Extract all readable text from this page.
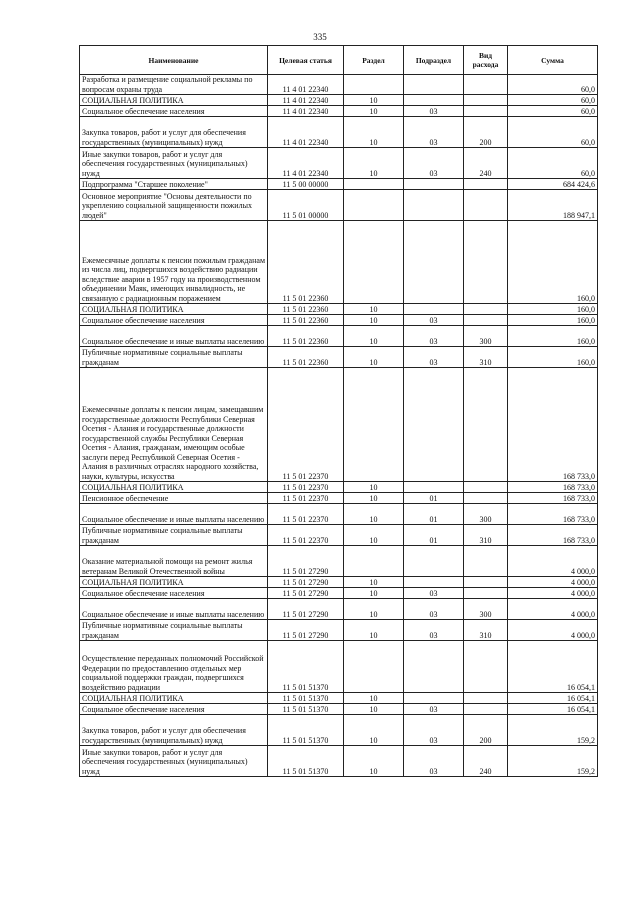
335
Наименование	Целевая статья	Раздел	Подраздел	Вид расхода	Сумма
Разработка и размещение социальной рекламы по вопросам охраны труда	11 4 01 22340				60,0
СОЦИАЛЬНАЯ ПОЛИТИКА	11 4 01 22340	10			60,0
Социальное обеспечение населения	11 4 01 22340	10	03		60,0
Закупка товаров, работ и услуг для обеспечения государственных (муниципальных) нужд	11 4 01 22340	10	03	200	60,0
Иные закупки товаров, работ и услуг для обеспечения государственных (муниципальных) нужд	11 4 01 22340	10	03	240	60,0
Подпрограмма "Старшее поколение"	11 5 00 00000				684 424,6
Основное мероприятие "Основы деятельности по укреплению социальной защищенности пожилых людей"	11 5 01 00000				188 947,1
Ежемесячные доплаты к пенсии пожилым гражданам из числа лиц, подвергшихся воздействию радиации вследствие аварии в 1957 году на производственном объединении Маяк, имеющих инвалидность, не связанную с радиационным поражением	11 5 01 22360				160,0
СОЦИАЛЬНАЯ ПОЛИТИКА	11 5 01 22360	10			160,0
Социальное обеспечение населения	11 5 01 22360	10	03		160,0
Социальное обеспечение и иные выплаты населению	11 5 01 22360	10	03	300	160,0
Публичные нормативные социальные выплаты гражданам	11 5 01 22360	10	03	310	160,0
Ежемесячные доплаты к пенсии лицам, замещавшим государственные должности Республики Северная Осетия - Алания и государственные должности государственной службы Республики Северная Осетия - Алания, гражданам, имеющим особые заслуги перед Республикой Северная Осетия - Алания в различных отраслях народного хозяйства, науки, культуры, искусства	11 5 01 22370				168 733,0
СОЦИАЛЬНАЯ ПОЛИТИКА	11 5 01 22370	10			168 733,0
Пенсионное обеспечение	11 5 01 22370	10	01		168 733,0
Социальное обеспечение и иные выплаты населению	11 5 01 22370	10	01	300	168 733,0
Публичные нормативные социальные выплаты гражданам	11 5 01 22370	10	01	310	168 733,0
Оказание материальной помощи на ремонт жилья ветеранам Великой Отечественной войны	11 5 01 27290				4 000,0
СОЦИАЛЬНАЯ ПОЛИТИКА	11 5 01 27290	10			4 000,0
Социальное обеспечение населения	11 5 01 27290	10	03		4 000,0
Социальное обеспечение и иные выплаты населению	11 5 01 27290	10	03	300	4 000,0
Публичные нормативные социальные выплаты гражданам	11 5 01 27290	10	03	310	4 000,0
Осуществление переданных полномочий Российской Федерации по предоставлению отдельных мер социальной поддержки граждан, подвергшихся воздействию радиации	11 5 01 51370				16 054,1
СОЦИАЛЬНАЯ ПОЛИТИКА	11 5 01 51370	10			16 054,1
Социальное обеспечение населения	11 5 01 51370	10	03		16 054,1
Закупка товаров, работ и услуг для обеспечения государственных (муниципальных) нужд	11 5 01 51370	10	03	200	159,2
Иные закупки товаров, работ и услуг для обеспечения государственных (муниципальных) нужд	11 5 01 51370	10	03	240	159,2
